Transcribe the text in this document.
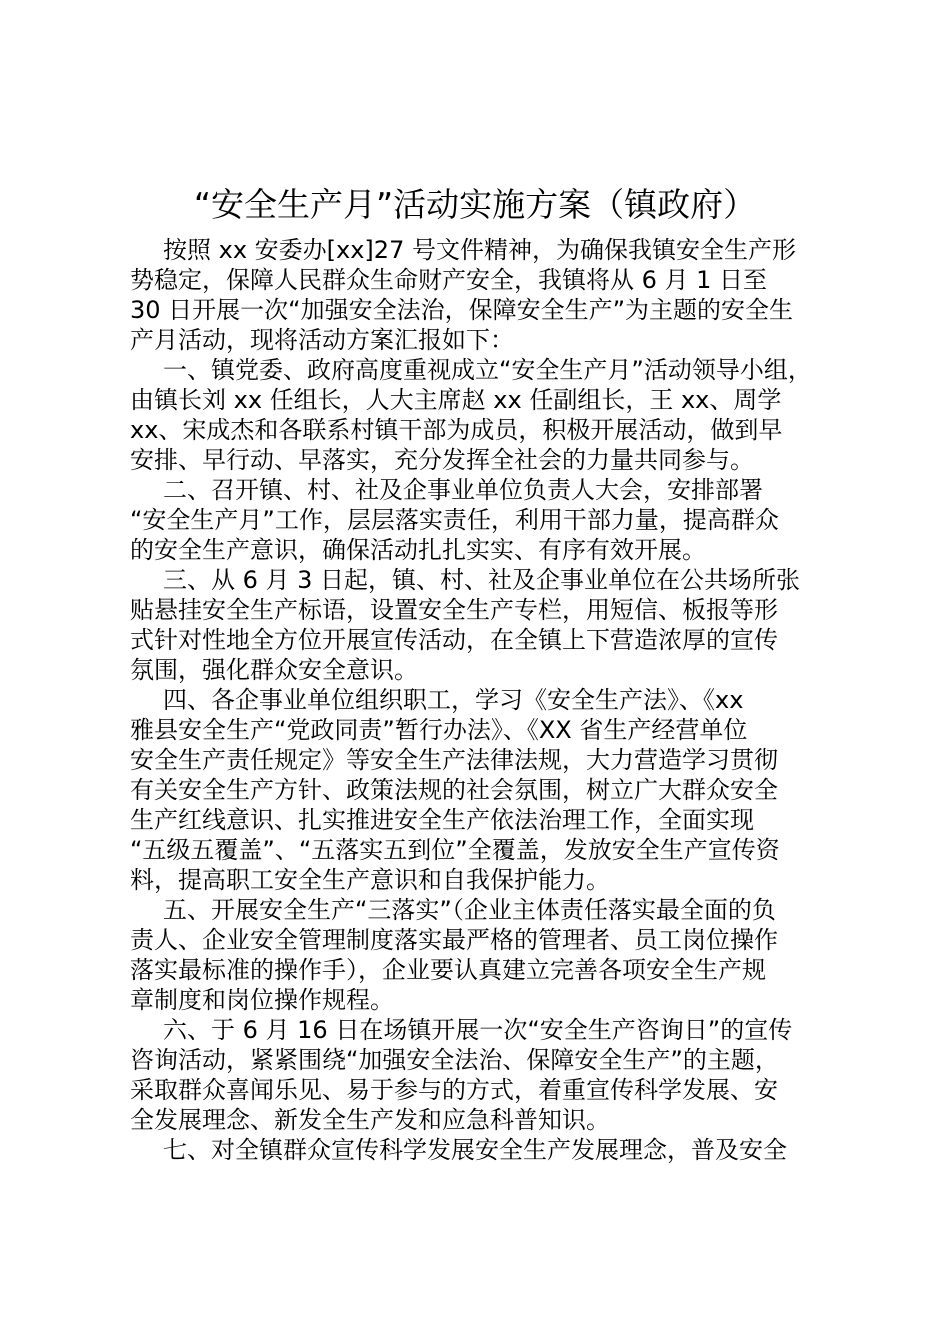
“安全生产月”活动实施方案（镇政府）
按照 xx 安委办[xx]27 号文件精神，为确保我镇安全生产形
势稳定，保障人民群众生命财产安全，我镇将从 6 月 1 日至
30 日开展一次“加强安全法治，保障安全生产”为主题的安全生
产月活动，现将活动方案汇报如下：
一、镇党委、政府高度重视成立“安全生产月”活动领导小组，
由镇长刘 xx 任组长，人大主席赵 xx 任副组长，王 xx、周学
xx、宋成杰和各联系村镇干部为成员，积极开展活动，做到早
安排、早行动、早落实，充分发挥全社会的力量共同参与。
二、召开镇、村、社及企事业单位负责人大会，安排部署
“安全生产月”工作，层层落实责任，利用干部力量，提高群众
的安全生产意识，确保活动扎扎实实、有序有效开展。
三、从 6 月 3 日起，镇、村、社及企事业单位在公共场所张
贴悬挂安全生产标语，设置安全生产专栏，用短信、板报等形
式针对性地全方位开展宣传活动，在全镇上下营造浓厚的宣传
氛围，强化群众安全意识。
四、各企事业单位组织职工，学习《安全生产法》、《xx
雅县安全生产“党政同责”暂行办法》、《XX 省生产经营单位
安全生产责任规定》等安全生产法律法规，大力营造学习贯彻
有关安全生产方针、政策法规的社会氛围，树立广大群众安全
生产红线意识、扎实推进安全生产依法治理工作，全面实现
“五级五覆盖”、“五落实五到位”全覆盖，发放安全生产宣传资
料，提高职工安全生产意识和自我保护能力。
五、开展安全生产“三落实”（企业主体责任落实最全面的负
责人、企业安全管理制度落实最严格的管理者、员工岗位操作
落实最标准的操作手），企业要认真建立完善各项安全生产规
章制度和岗位操作规程。
六、于 6 月 16 日在场镇开展一次“安全生产咨询日”的宣传
咨询活动，紧紧围绕“加强安全法治、保障安全生产”的主题，
采取群众喜闻乐见、易于参与的方式，着重宣传科学发展、安
全发展理念、新发全生产发和应急科普知识。
七、对全镇群众宣传科学发展安全生产发展理念，普及安全
